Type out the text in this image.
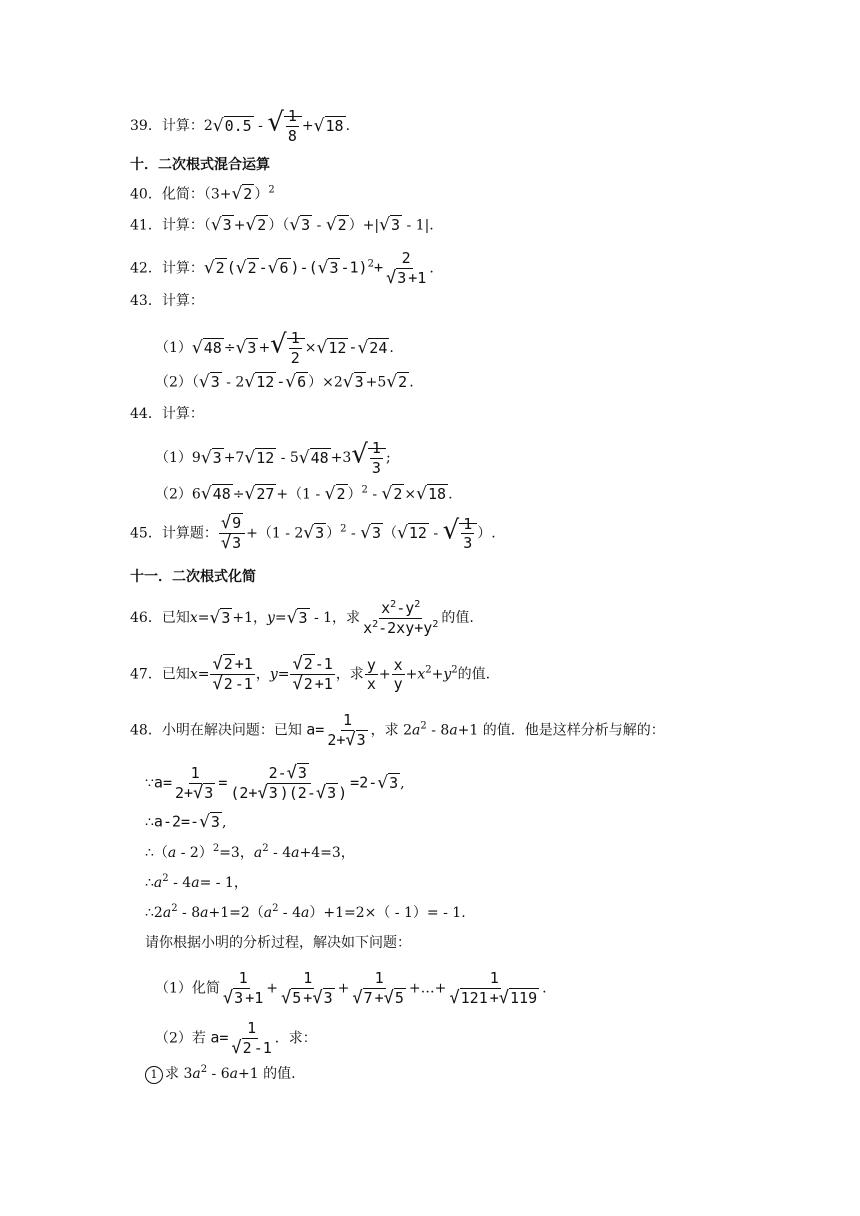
39．计算：2√0.5 - √ $\frac{1}{8} +√18$ .
十．二次根式混合运算
40．化简：（3+√2 ）$^2$
41．计算：（√3 +√2 ）（√3 - √2 ）+|√3 - 1|.
42．计算：√2 (√2 -√6 )-(√3 $-1)^2+ \frac{2}{√3 +1}$ .
43．计算：
（1）√48 ÷√3 +√ $\frac{1}{2} \times√12$ -√24 .
（2）（√3 - 2√12 -√6 ）×2√3 +5√2 .
44．计算：
$(1)9√3 +7√12 - 5√48 +3√ \frac{1}{3}$ ;
（2）6√48 ÷√27 +（1 - √2 ）$^2$ - √2 ×√18 .
45．计算题： $\frac{√9}{√3} +(1 - 2√3$ ）$^2$ - √3 （√12 - √ $\frac{1}{3}$ ）.
十一．二次根式化简
46．已知x=√3 +1，y=√3 - 1，求 $\frac{x^2-y^2}{x^2-2xy+y^2}$ 的值.
47．已知$x= \frac{√2 +1}{√2 -1}$ ，$y= \frac{√2 -1}{√2 +1}$ ，求 $\frac{y}{x} + \frac{x}{y} +x^2+y^2$的值.
48．小明在解决问题：已知 $a= \frac{1}{2+√3}$ ，求 $2a^2 - 8a+1$ 的值．他是这样分析与解的：
∵a= $\frac{1}{2+√3} = \frac{2-√3}{(2+√3 )(2-√3 )} =2-√3$ ,
∴a-2=-√3 ,
∴（a - 2）$^2$=3，$a^2 - 4a+4=3$，
$\therefore a^2 - 4a= - 1$，
$\therefore 2a^2 - 8a+1=2(a^2 - 4a)+1=2\times( - 1)= - 1$.
请你根据小明的分析过程，解决如下问题：
（1）化简 $\frac{1}{√3 +1} + \frac{1}{√5 +√3} + \frac{1}{√7 +√5}$ +…+ $\frac{1}{√121 +√119}$ .
（2）若 $a= \frac{1}{√2 -1}$ ．求：
1 求 $3a^2 - 6a+1$ 的值.
